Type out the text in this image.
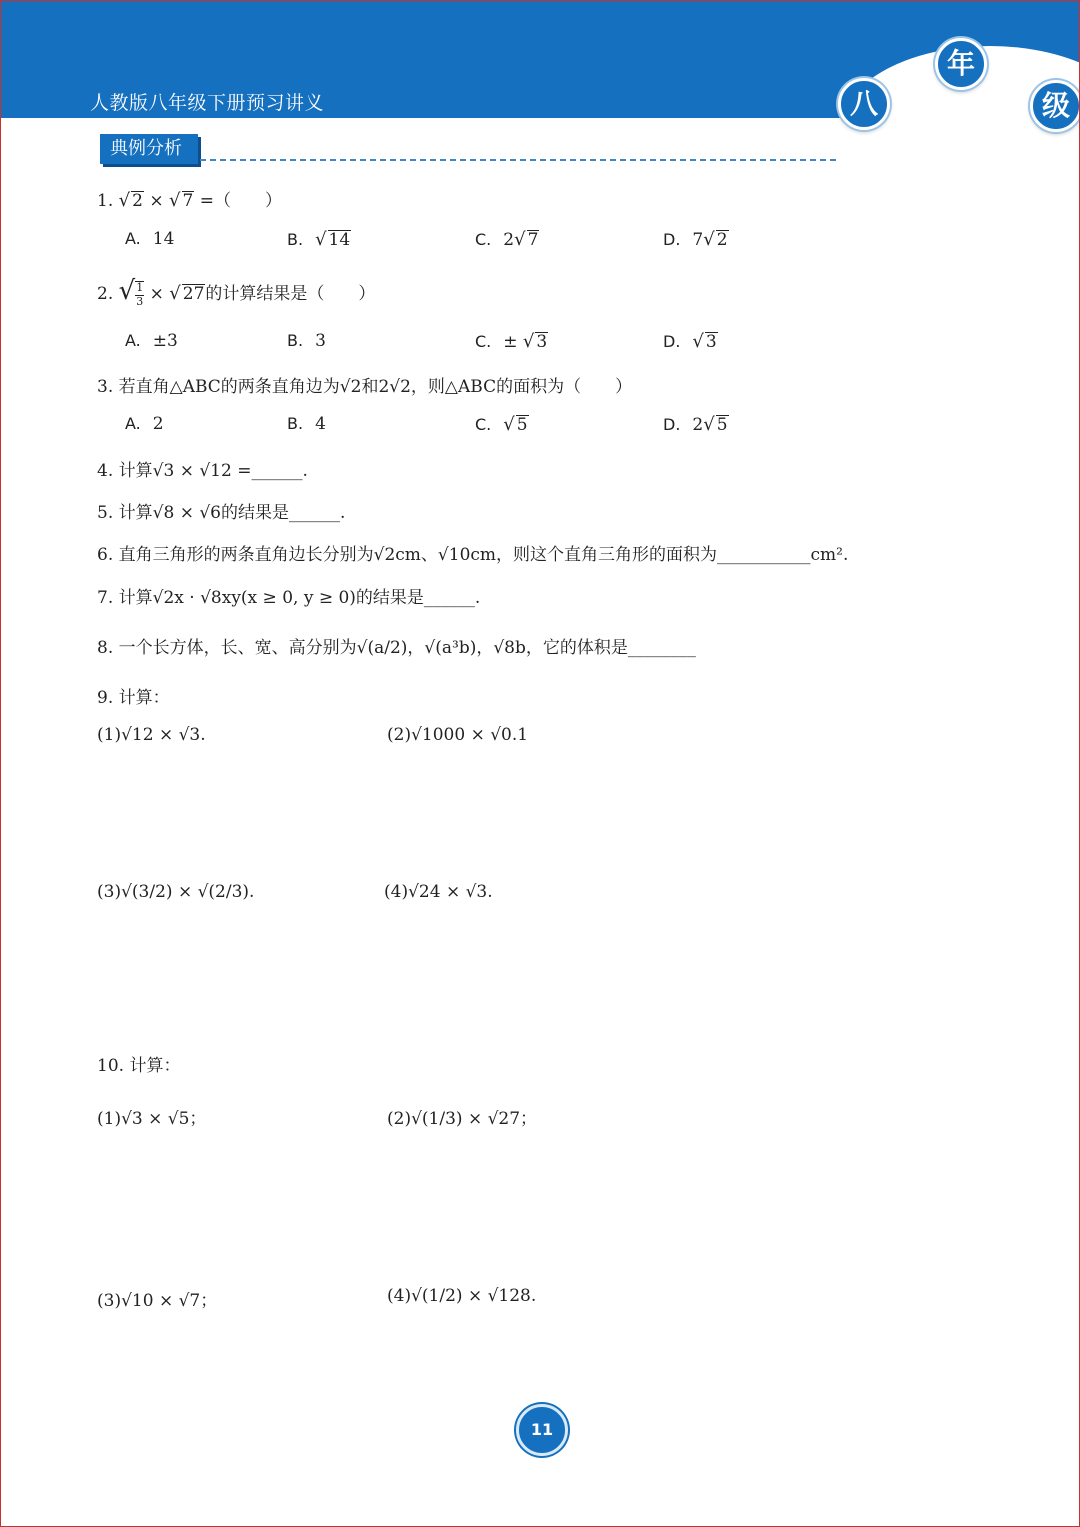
人教版八年级下册预习讲义	八
年
级
典例分析
1. √ 2 × √ 7 =（　　）
A. 14	B. √ 14	C. 2√ 7	D. 7√ 2
2. √ $\frac{1}{3}$ × √ 27的计算结果是（　　）
A. ±3	B. 3	C. ± √ 3	D. √ 3
3. 若直角△ABC的两条直角边为√2和2√2，则△ABC的面积为（　　）
A. 2	B. 4	C. √ 5	D. 2√ 5
4. 计算√3 × √12 =______.
5. 计算√8 × √6的结果是______.
6. 直角三角形的两条直角边长分别为√2cm、√10cm，则这个直角三角形的面积为___________cm².
7. 计算√2x · √8xy(x ≥ 0, y ≥ 0)的结果是______.
8. 一个长方体，长、宽、高分别为√(a/2)，√(a³b)，√8b，它的体积是________
9. 计算：
(1)√12 × √3.	(2)√1000 × √0.1
(3)√(3/2) × √(2/3).	(4)√24 × √3.
10. 计算：
(1)√3 × √5；	(2)√(1/3) × √27；
(3)√10 × √7；	(4)√(1/2) × √128.
11
